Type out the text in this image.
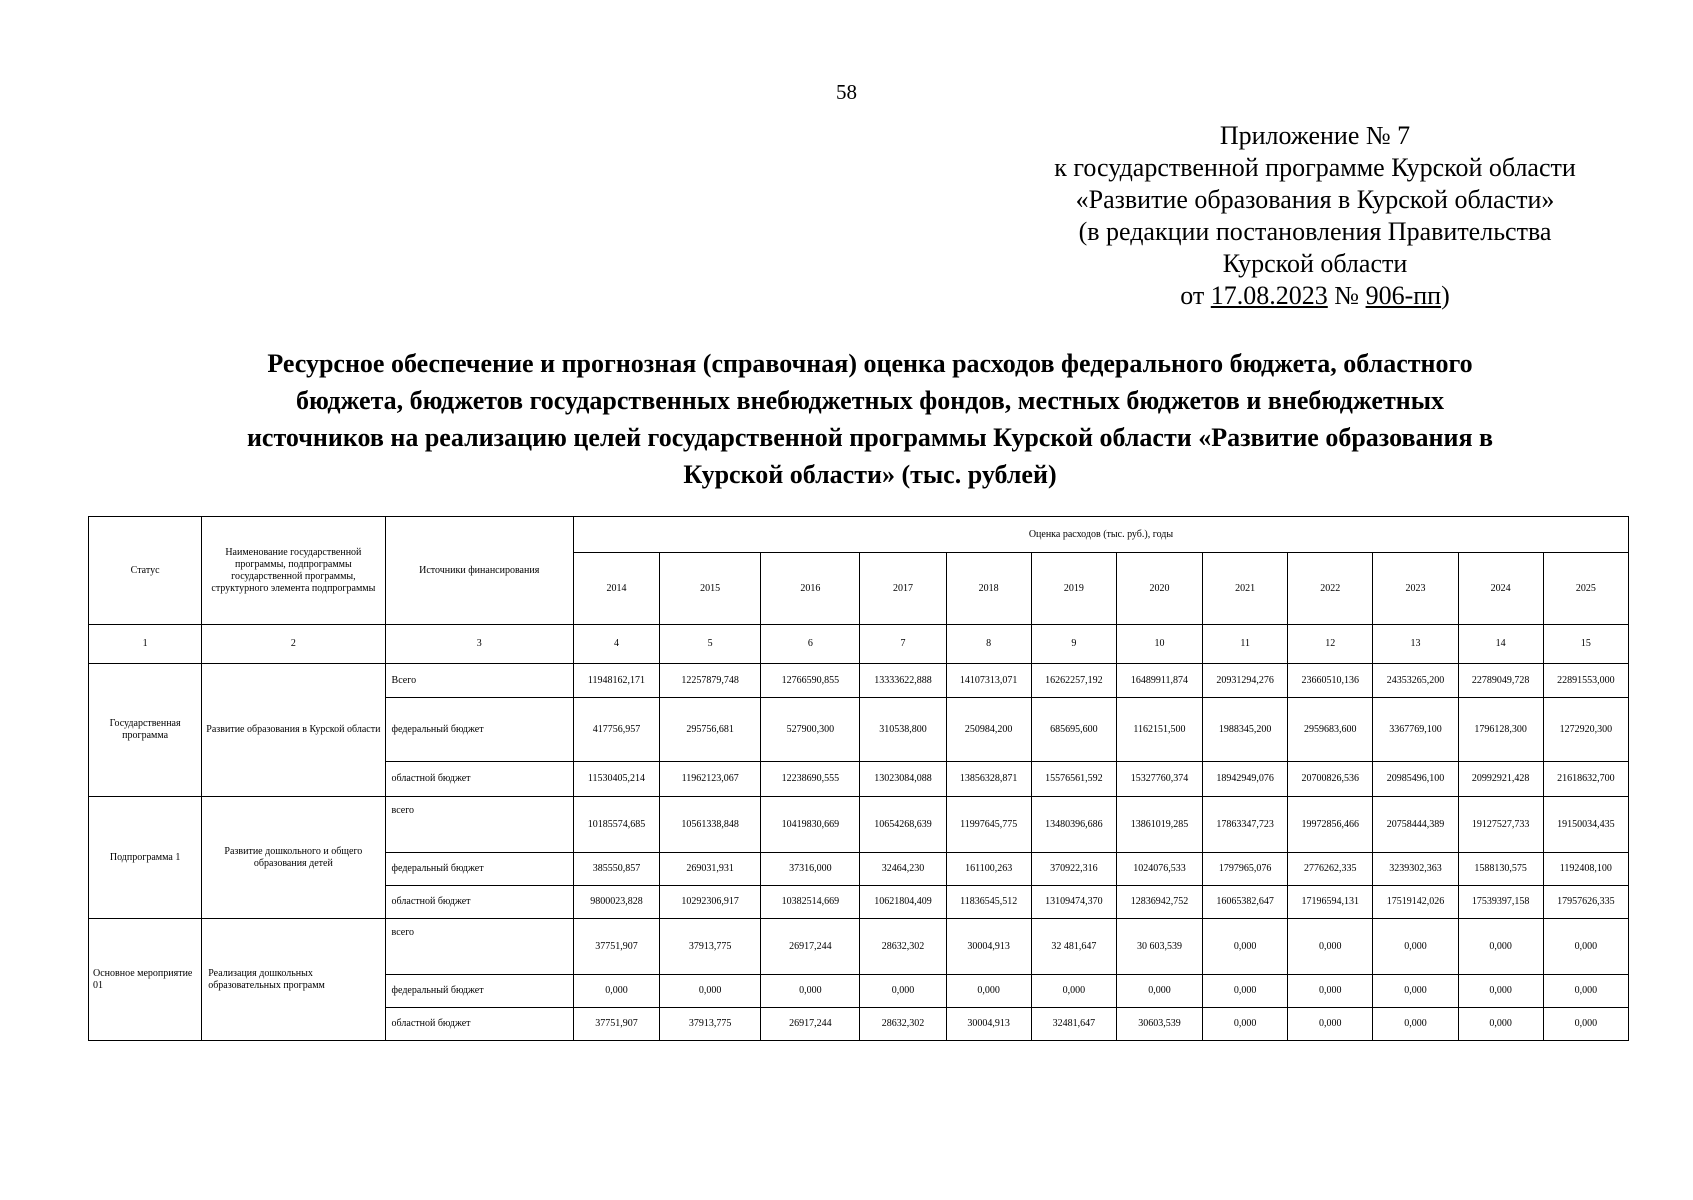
58
Приложение № 7
к государственной программе Курской области
«Развитие образования в Курской области»
(в редакции постановления Правительства
Курской области
от 17.08.2023 № 906-пп)
Ресурсное обеспечение и прогнозная (справочная) оценка расходов федерального бюджета, областного
бюджета, бюджетов государственных внебюджетных фондов, местных бюджетов и внебюджетных
источников на реализацию целей государственной программы Курской области «Развитие образования в
Курской области» (тыс. рублей)
Статус	Наименование государственной программы, подпрограммы государственной программы, структурного элемента подпрограммы	Источники финансирования	Оценка расходов (тыс. руб.), годы											
			2014	2015	2016	2017	2018	2019	2020	2021	2022	2023	2024	2025
1	2	3	4	5	6	7	8	9	10	11	12	13	14	15
Государственная программа	Развитие образования в Курской области	Всего	11948162,171	12257879,748	12766590,855	13333622,888	14107313,071	16262257,192	16489911,874	20931294,276	23660510,136	24353265,200	22789049,728	22891553,000
		федеральный бюджет	417756,957	295756,681	527900,300	310538,800	250984,200	685695,600	1162151,500	1988345,200	2959683,600	3367769,100	1796128,300	1272920,300
		областной бюджет	11530405,214	11962123,067	12238690,555	13023084,088	13856328,871	15576561,592	15327760,374	18942949,076	20700826,536	20985496,100	20992921,428	21618632,700
Подпрограмма 1	Развитие дошкольного и общего образования детей	всего	10185574,685	10561338,848	10419830,669	10654268,639	11997645,775	13480396,686	13861019,285	17863347,723	19972856,466	20758444,389	19127527,733	19150034,435
		федеральный бюджет	385550,857	269031,931	37316,000	32464,230	161100,263	370922,316	1024076,533	1797965,076	2776262,335	3239302,363	1588130,575	1192408,100
		областной бюджет	9800023,828	10292306,917	10382514,669	10621804,409	11836545,512	13109474,370	12836942,752	16065382,647	17196594,131	17519142,026	17539397,158	17957626,335
Основное мероприятие 01	Реализация дошкольных образовательных программ	всего	37751,907	37913,775	26917,244	28632,302	30004,913	32 481,647	30 603,539	0,000	0,000	0,000	0,000	0,000
		федеральный бюджет	0,000	0,000	0,000	0,000	0,000	0,000	0,000	0,000	0,000	0,000	0,000	0,000
		областной бюджет	37751,907	37913,775	26917,244	28632,302	30004,913	32481,647	30603,539	0,000	0,000	0,000	0,000	0,000
